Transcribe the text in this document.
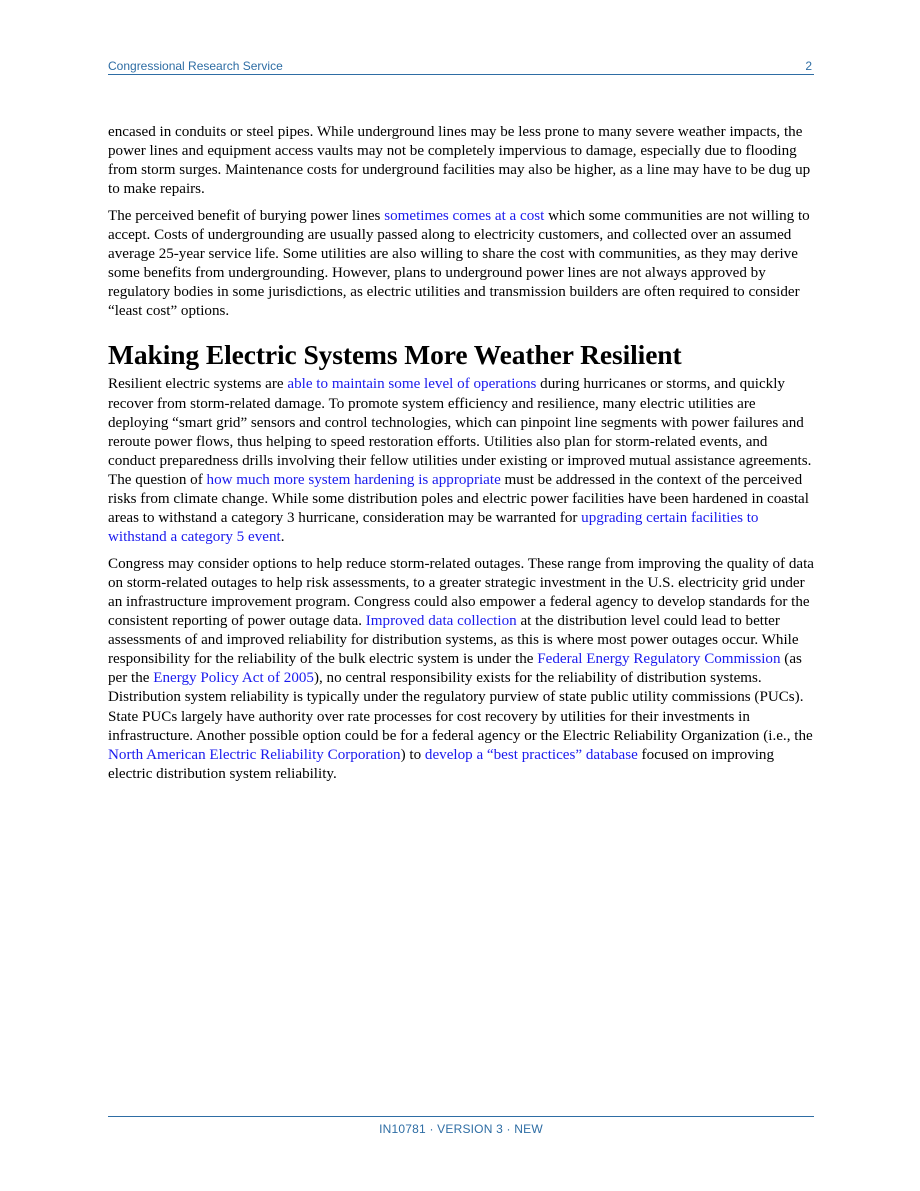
Congressional Research Service	2

encased in conduits or steel pipes. While underground lines may be less prone to many severe weather impacts, the power lines and equipment access vaults may not be completely impervious to damage, especially due to flooding from storm surges. Maintenance costs for underground facilities may also be higher, as a line may have to be dug up to make repairs.

The perceived benefit of burying power lines sometimes comes at a cost which some communities are not willing to accept. Costs of undergrounding are usually passed along to electricity customers, and collected over an assumed average 25-year service life. Some utilities are also willing to share the cost with communities, as they may derive some benefits from undergrounding. However, plans to underground power lines are not always approved by regulatory bodies in some jurisdictions, as electric utilities and transmission builders are often required to consider “least cost” options.

Making Electric Systems More Weather Resilient

Resilient electric systems are able to maintain some level of operations during hurricanes or storms, and quickly recover from storm-related damage. To promote system efficiency and resilience, many electric utilities are deploying “smart grid” sensors and control technologies, which can pinpoint line segments with power failures and reroute power flows, thus helping to speed restoration efforts. Utilities also plan for storm-related events, and conduct preparedness drills involving their fellow utilities under existing or improved mutual assistance agreements. The question of how much more system hardening is appropriate must be addressed in the context of the perceived risks from climate change. While some distribution poles and electric power facilities have been hardened in coastal areas to withstand a category 3 hurricane, consideration may be warranted for upgrading certain facilities to withstand a category 5 event.

Congress may consider options to help reduce storm-related outages. These range from improving the quality of data on storm-related outages to help risk assessments, to a greater strategic investment in the U.S. electricity grid under an infrastructure improvement program. Congress could also empower a federal agency to develop standards for the consistent reporting of power outage data. Improved data collection at the distribution level could lead to better assessments of and improved reliability for distribution systems, as this is where most power outages occur. While responsibility for the reliability of the bulk electric system is under the Federal Energy Regulatory Commission (as per the Energy Policy Act of 2005), no central responsibility exists for the reliability of distribution systems. Distribution system reliability is typically under the regulatory purview of state public utility commissions (PUCs). State PUCs largely have authority over rate processes for cost recovery by utilities for their investments in infrastructure. Another possible option could be for a federal agency or the Electric Reliability Organization (i.e., the North American Electric Reliability Corporation) to develop a “best practices” database focused on improving electric distribution system reliability.

IN10781 · VERSION 3 · NEW
